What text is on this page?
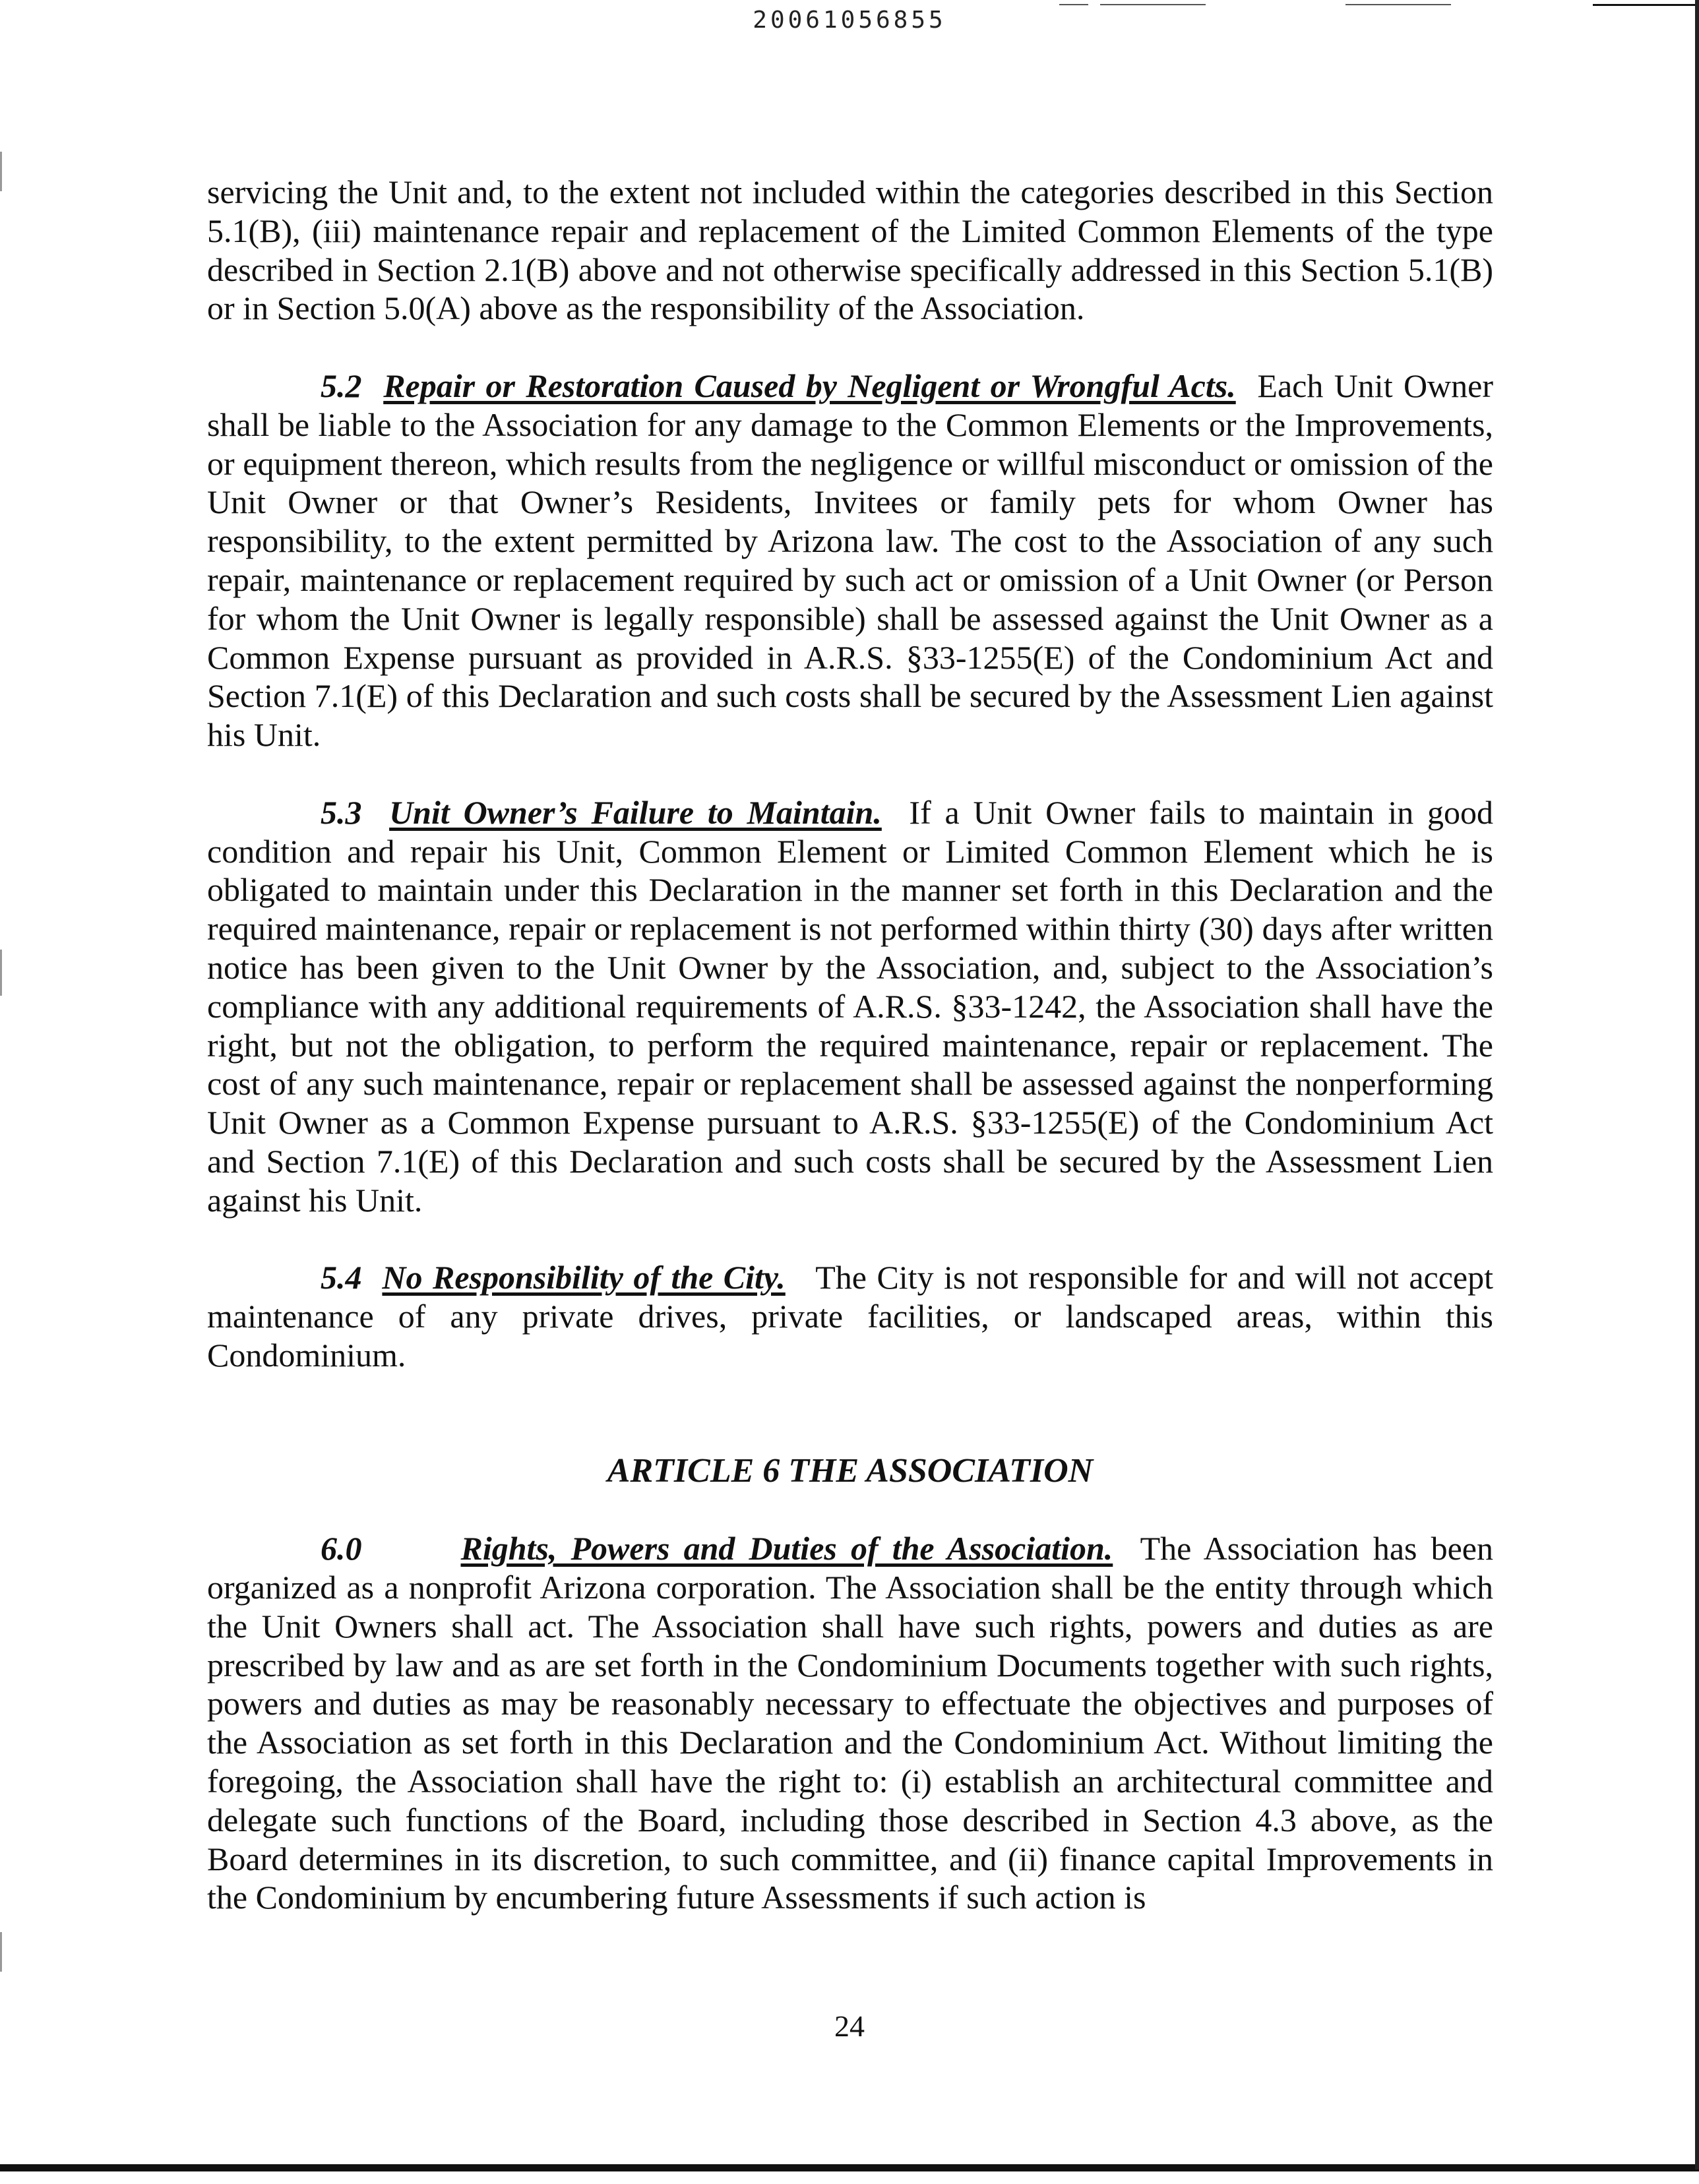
20061056855

servicing the Unit and, to the extent not included within the categories described in this Section 5.1(B), (iii) maintenance repair and replacement of the Limited Common Elements of the type described in Section 2.1(B) above and not otherwise specifically addressed in this Section 5.1(B) or in Section 5.0(A) above as the responsibility of the Association.

5.2 Repair or Restoration Caused by Negligent or Wrongful Acts. Each Unit Owner shall be liable to the Association for any damage to the Common Elements or the Improvements, or equipment thereon, which results from the negligence or willful misconduct or omission of the Unit Owner or that Owner’s Residents, Invitees or family pets for whom Owner has responsibility, to the extent permitted by Arizona law. The cost to the Association of any such repair, maintenance or replacement required by such act or omission of a Unit Owner (or Person for whom the Unit Owner is legally responsible) shall be assessed against the Unit Owner as a Common Expense pursuant as provided in A.R.S. §33-1255(E) of the Condominium Act and Section 7.1(E) of this Declaration and such costs shall be secured by the Assessment Lien against his Unit.

5.3 Unit Owner’s Failure to Maintain. If a Unit Owner fails to maintain in good condition and repair his Unit, Common Element or Limited Common Element which he is obligated to maintain under this Declaration in the manner set forth in this Declaration and the required maintenance, repair or replacement is not performed within thirty (30) days after written notice has been given to the Unit Owner by the Association, and, subject to the Association’s compliance with any additional requirements of A.R.S. §33-1242, the Association shall have the right, but not the obligation, to perform the required maintenance, repair or replacement. The cost of any such maintenance, repair or replacement shall be assessed against the nonperforming Unit Owner as a Common Expense pursuant to A.R.S. §33-1255(E) of the Condominium Act and Section 7.1(E) of this Declaration and such costs shall be secured by the Assessment Lien against his Unit.

5.4 No Responsibility of the City. The City is not responsible for and will not accept maintenance of any private drives, private facilities, or landscaped areas, within this Condominium.

ARTICLE 6 THE ASSOCIATION

6.0	Rights, Powers and Duties of the Association. The Association has been organized as a nonprofit Arizona corporation. The Association shall be the entity through which the Unit Owners shall act. The Association shall have such rights, powers and duties as are prescribed by law and as are set forth in the Condominium Documents together with such rights, powers and duties as may be reasonably necessary to effectuate the objectives and purposes of the Association as set forth in this Declaration and the Condominium Act. Without limiting the foregoing, the Association shall have the right to: (i) establish an architectural committee and delegate such functions of the Board, including those described in Section 4.3 above, as the Board determines in its discretion, to such committee, and (ii) finance capital Improvements in the Condominium by encumbering future Assessments if such action is

24
